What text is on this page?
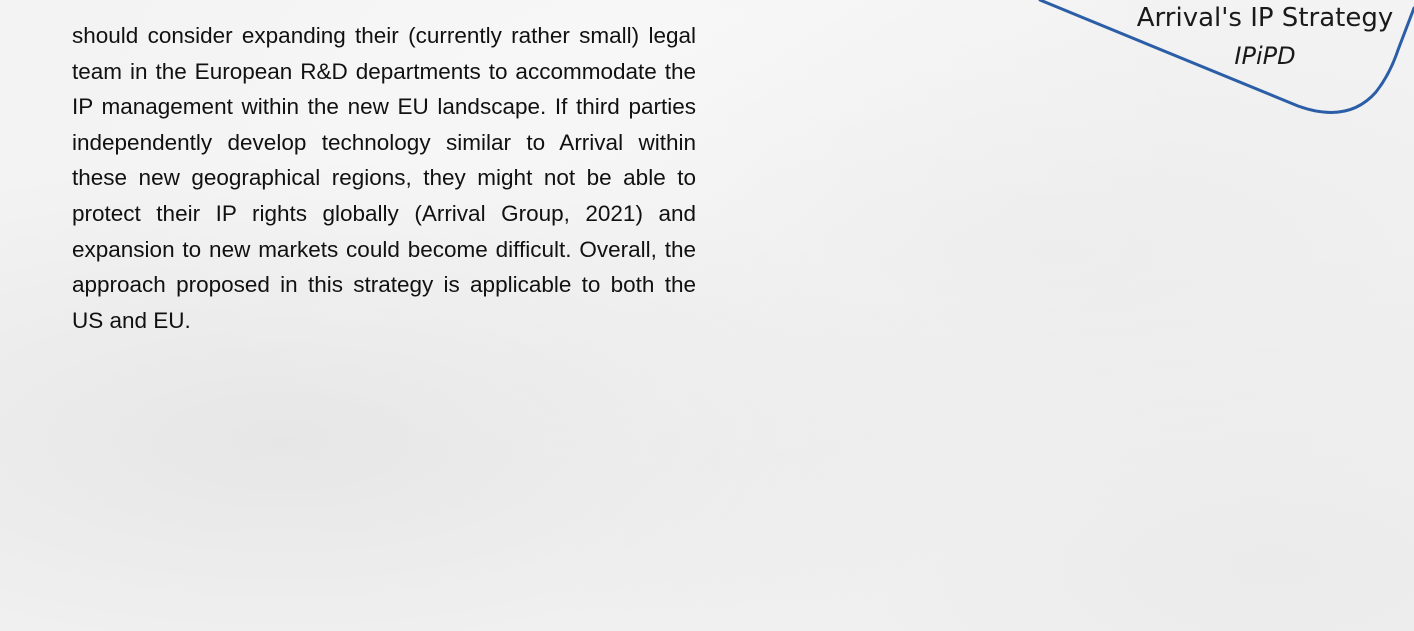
should consider expanding their (currently rather small) legal team in the European R&D departments to accommodate the IP management within the new EU landscape. If third parties independently develop technology similar to Arrival within these new geographical regions, they might not be able to protect their IP rights globally (Arrival Group, 2021) and expansion to new markets could become difficult. Overall, the approach proposed in this strategy is applicable to both the US and EU.

Arrival's IP Strategy
IPiPD
